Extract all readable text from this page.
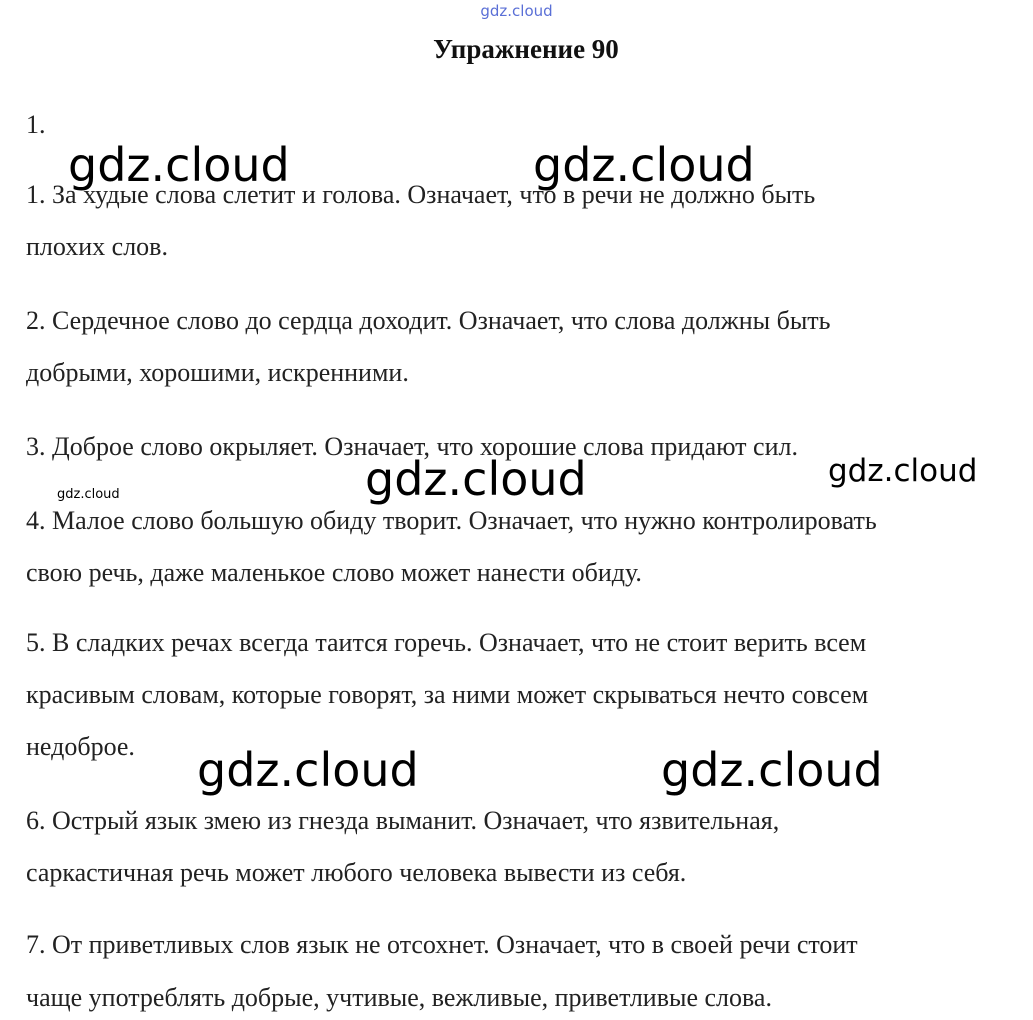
gdz.cloud
Упражнение 90
1.
1. За худые слова слетит и голова. Означает, что в речи не должно быть
плохих слов.
2. Сердечное слово до сердца доходит. Означает, что слова должны быть
добрыми, хорошими, искренними.
3. Доброе слово окрыляет. Означает, что хорошие слова придают сил.
4. Малое слово большую обиду творит. Означает, что нужно контролировать
свою речь, даже маленькое слово может нанести обиду.
5. В сладких речах всегда таится горечь. Означает, что не стоит верить всем
красивым словам, которые говорят, за ними может скрываться нечто совсем
недоброе.
6. Острый язык змею из гнезда выманит. Означает, что язвительная,
саркастичная речь может любого человека вывести из себя.
7. От приветливых слов язык не отсохнет. Означает, что в своей речи стоит
чаще употреблять добрые, учтивые, вежливые, приветливые слова.
gdz.cloud	gdz.cloud
gdz.cloud	gdz.cloud
gdz.cloud
gdz.cloud	gdz.cloud
